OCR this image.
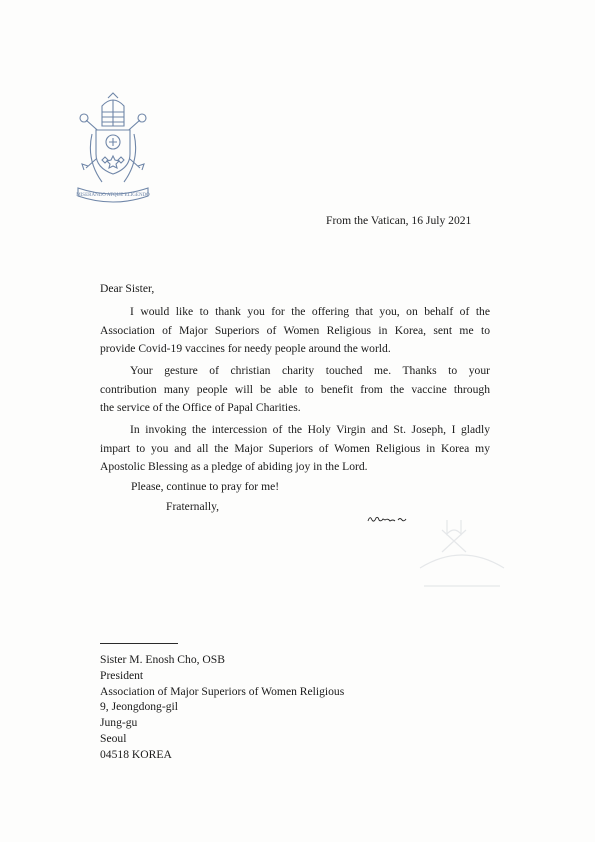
MISERANDO ATQUE ELIGENDO
From the Vatican, 16 July 2021
Dear Sister,
I would like to thank you for the offering that you, on behalf of the
Association of Major Superiors of Women Religious in Korea, sent me to
provide Covid-19 vaccines for needy people around the world.
Your gesture of christian charity touched me. Thanks to your
contribution many people will be able to benefit from the vaccine through
the service of the Office of Papal Charities.
In invoking the intercession of the Holy Virgin and St. Joseph, I gladly
impart to you and all the Major Superiors of Women Religious in Korea my
Apostolic Blessing as a pledge of abiding joy in the Lord.
Please, continue to pray for me!
Fraternally,
Sister M. Enosh Cho, OSB
President
Association of Major Superiors of Women Religious
9, Jeongdong-gil
Jung-gu
Seoul
04518 KOREA
